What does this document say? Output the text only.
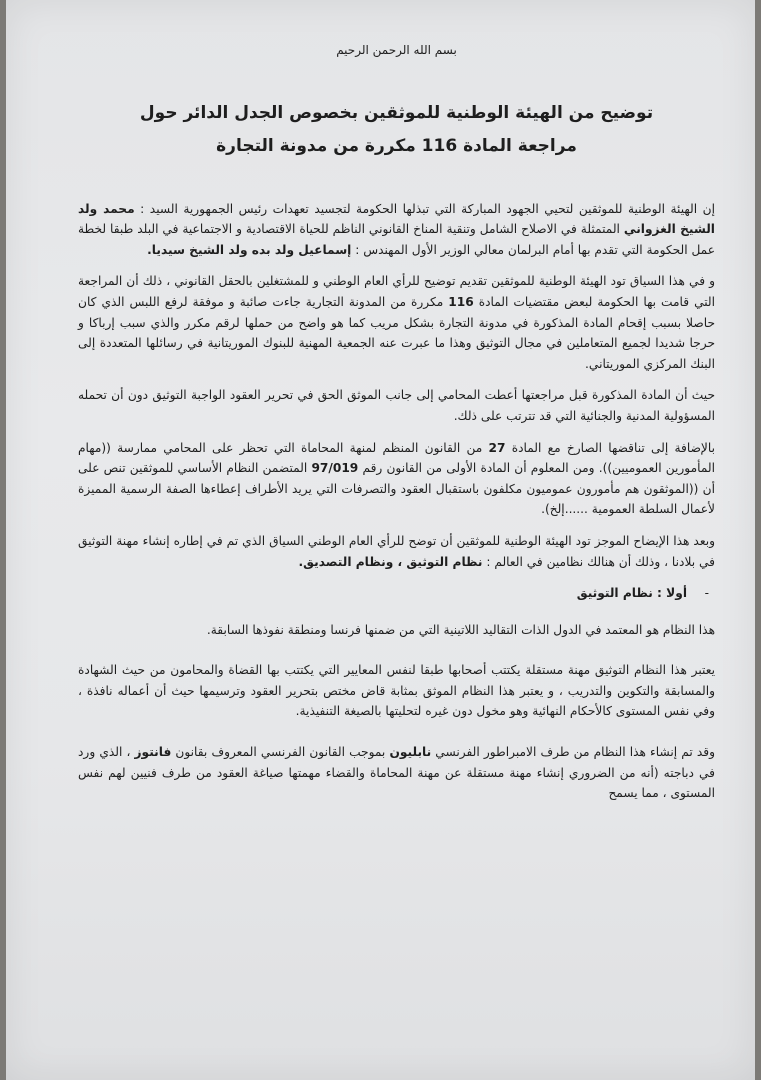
بسم الله الرحمن الرحيم
توضيح من الهيئة الوطنية للموثقين بخصوص الجدل الدائر حول
مراجعة المادة 116 مكررة من مدونة التجارة

إن الهيئة الوطنية للموثقين لتحيي الجهود المباركة التي تبذلها الحكومة لتجسيد تعهدات رئيس الجمهورية السيد : محمد ولد الشيخ الغزواني المتمثلة في الاصلاح الشامل وتنقية المناخ القانوني الناظم للحياة الاقتصادية و الاجتماعية في البلد طبقا لخطة عمل الحكومة التي تقدم بها أمام البرلمان معالي الوزير الأول المهندس : إسماعيل ولد بده ولد الشيخ سيديا.

و في هذا السياق تود الهيئة الوطنية للموثقين تقديم توضيح للرأي العام الوطني و للمشتغلين بالحقل القانوني ، ذلك أن المراجعة التي قامت بها الحكومة لبعض مقتضيات المادة 116 مكررة من المدونة التجارية جاءت صائبة و موفقة لرفع اللبس الذي كان حاصلا بسبب إقحام المادة المذكورة في مدونة التجارة بشكل مريب كما هو واضح من حملها لرقم مكرر والذي سبب إرباكا و حرجا شديدا لجميع المتعاملين في مجال التوثيق وهذا ما عبرت عنه الجمعية المهنية للبنوك الموريتانية في رسائلها المتعددة إلى البنك المركزي الموريتاني.

حيث أن المادة المذكورة قبل مراجعتها أعطت المحامي إلى جانب الموثق الحق في تحرير العقود الواجبة التوثيق دون أن تحمله المسؤولية المدنية والجنائية التي قد تترتب على ذلك.

بالإضافة إلى تناقضها الصارخ مع المادة 27 من القانون المنظم لمنهة المحاماة التي تحظر على المحامي ممارسة ((مهام المأمورين العموميين)). ومن المعلوم أن المادة الأولى من القانون رقم 97/019 المتضمن النظام الأساسي للموثقين تنص على أن ((الموثقون هم مأمورون عموميون مكلفون باستقبال العقود والتصرفات التي يريد الأطراف إعطاءها الصفة الرسمية المميزة لأعمال السلطة العمومية ......إلخ).

وبعد هذا الإيضاح الموجز تود الهيئة الوطنية للموثقين أن توضح للرأي العام الوطني السياق الذي تم في إطاره إنشاء مهنة التوثيق في بلادنا ، وذلك أن هنالك نظامين في العالم : نظام التوثيق ، ونظام التصديق.

-أولا : نظام التوثيق

هذا النظام هو المعتمد في الدول الذات التقاليد اللاتينية التي من ضمنها فرنسا ومنطقة نفوذها السابقة.

يعتبر هذا النظام التوثيق مهنة مستقلة يكتتب أصحابها طبقا لنفس المعايير التي يكتتب بها القضاة والمحامون من حيث الشهادة والمسابقة والتكوين والتدريب ، و يعتبر هذا النظام الموثق بمثابة قاض مختص بتحرير العقود وترسيمها حيث أن أعماله نافذة ، وفي نفس المستوى كالأحكام النهائية وهو مخول دون غيره لتحليتها بالصيغة التنفيذية.

وقد تم إنشاء هذا النظام من طرف الامبراطور الفرنسي نابليون بموجب القانون الفرنسي المعروف بقانون فانتوز ، الذي ورد في دباجته (أنه من الضروري إنشاء مهنة مستقلة عن مهنة المحاماة والقضاء مهمتها صياغة العقود من طرف فنيين لهم نفس المستوى ، مما يسمح
